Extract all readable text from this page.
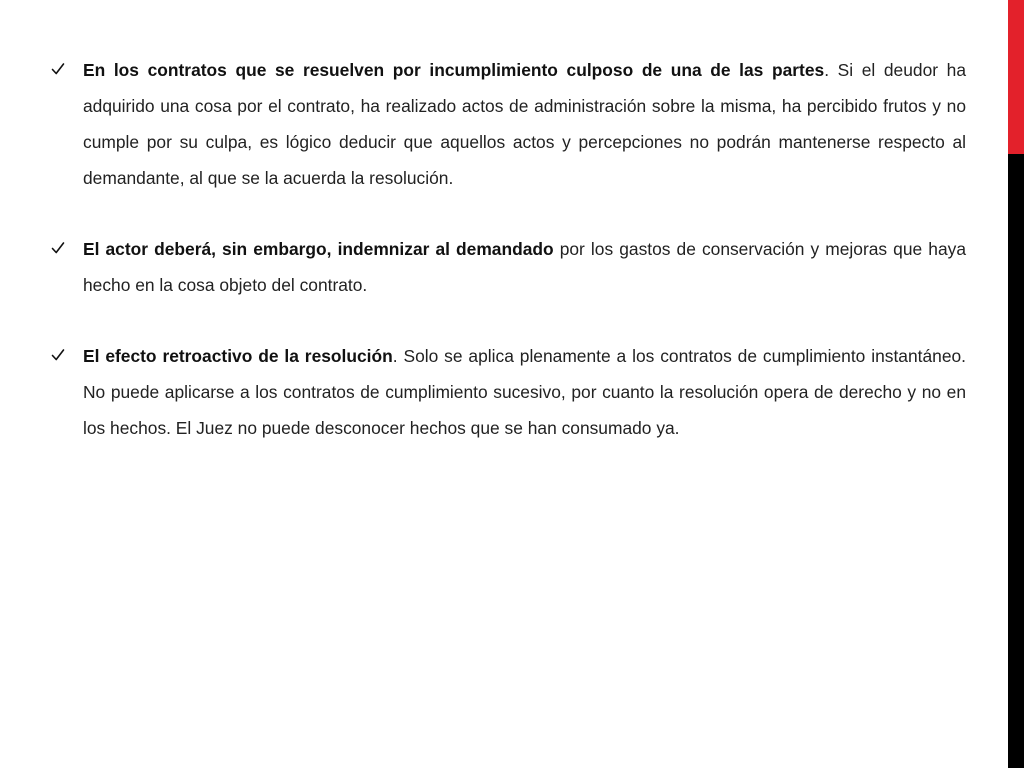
En los contratos que se resuelven por incumplimiento culposo de una de las partes. Si el deudor ha adquirido una cosa por el contrato, ha realizado actos de administración sobre la misma, ha percibido frutos y no cumple por su culpa, es lógico deducir que aquellos actos y percepciones no podrán mantenerse respecto al demandante, al que se la acuerda la resolución.

El actor deberá, sin embargo, indemnizar al demandado por los gastos de conservación y mejoras que haya hecho en la cosa objeto del contrato.

El efecto retroactivo de la resolución. Solo se aplica plenamente a los contratos de cumplimiento instantáneo. No puede aplicarse a los contratos de cumplimiento sucesivo, por cuanto la resolución opera de derecho y no en los hechos. El Juez no puede desconocer hechos que se han consumado ya.
